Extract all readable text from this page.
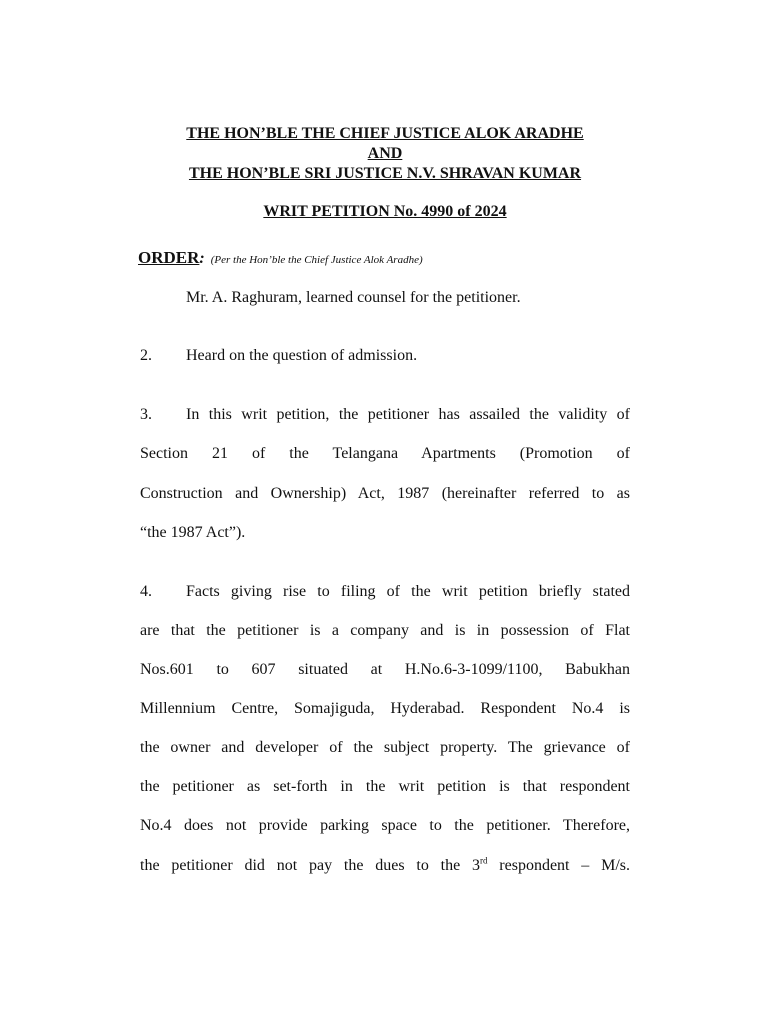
THE HON’BLE THE CHIEF JUSTICE ALOK ARADHE
AND
THE HON’BLE SRI JUSTICE N.V. SHRAVAN KUMAR
WRIT PETITION No. 4990 of 2024
ORDER: (Per the Hon’ble the Chief Justice Alok Aradhe)
Mr. A. Raghuram, learned counsel for the petitioner.
2. Heard on the question of admission.
3. In this writ petition, the petitioner has assailed the validity of
Section 21 of the Telangana Apartments (Promotion of
Construction and Ownership) Act, 1987 (hereinafter referred to as
“the 1987 Act”).
4. Facts giving rise to filing of the writ petition briefly stated
are that the petitioner is a company and is in possession of Flat
Nos.601 to 607 situated at H.No.6-3-1099/1100, Babukhan
Millennium Centre, Somajiguda, Hyderabad. Respondent No.4 is
the owner and developer of the subject property. The grievance of
the petitioner as set-forth in the writ petition is that respondent
No.4 does not provide parking space to the petitioner. Therefore,
the petitioner did not pay the dues to the 3rd respondent – M/s.
